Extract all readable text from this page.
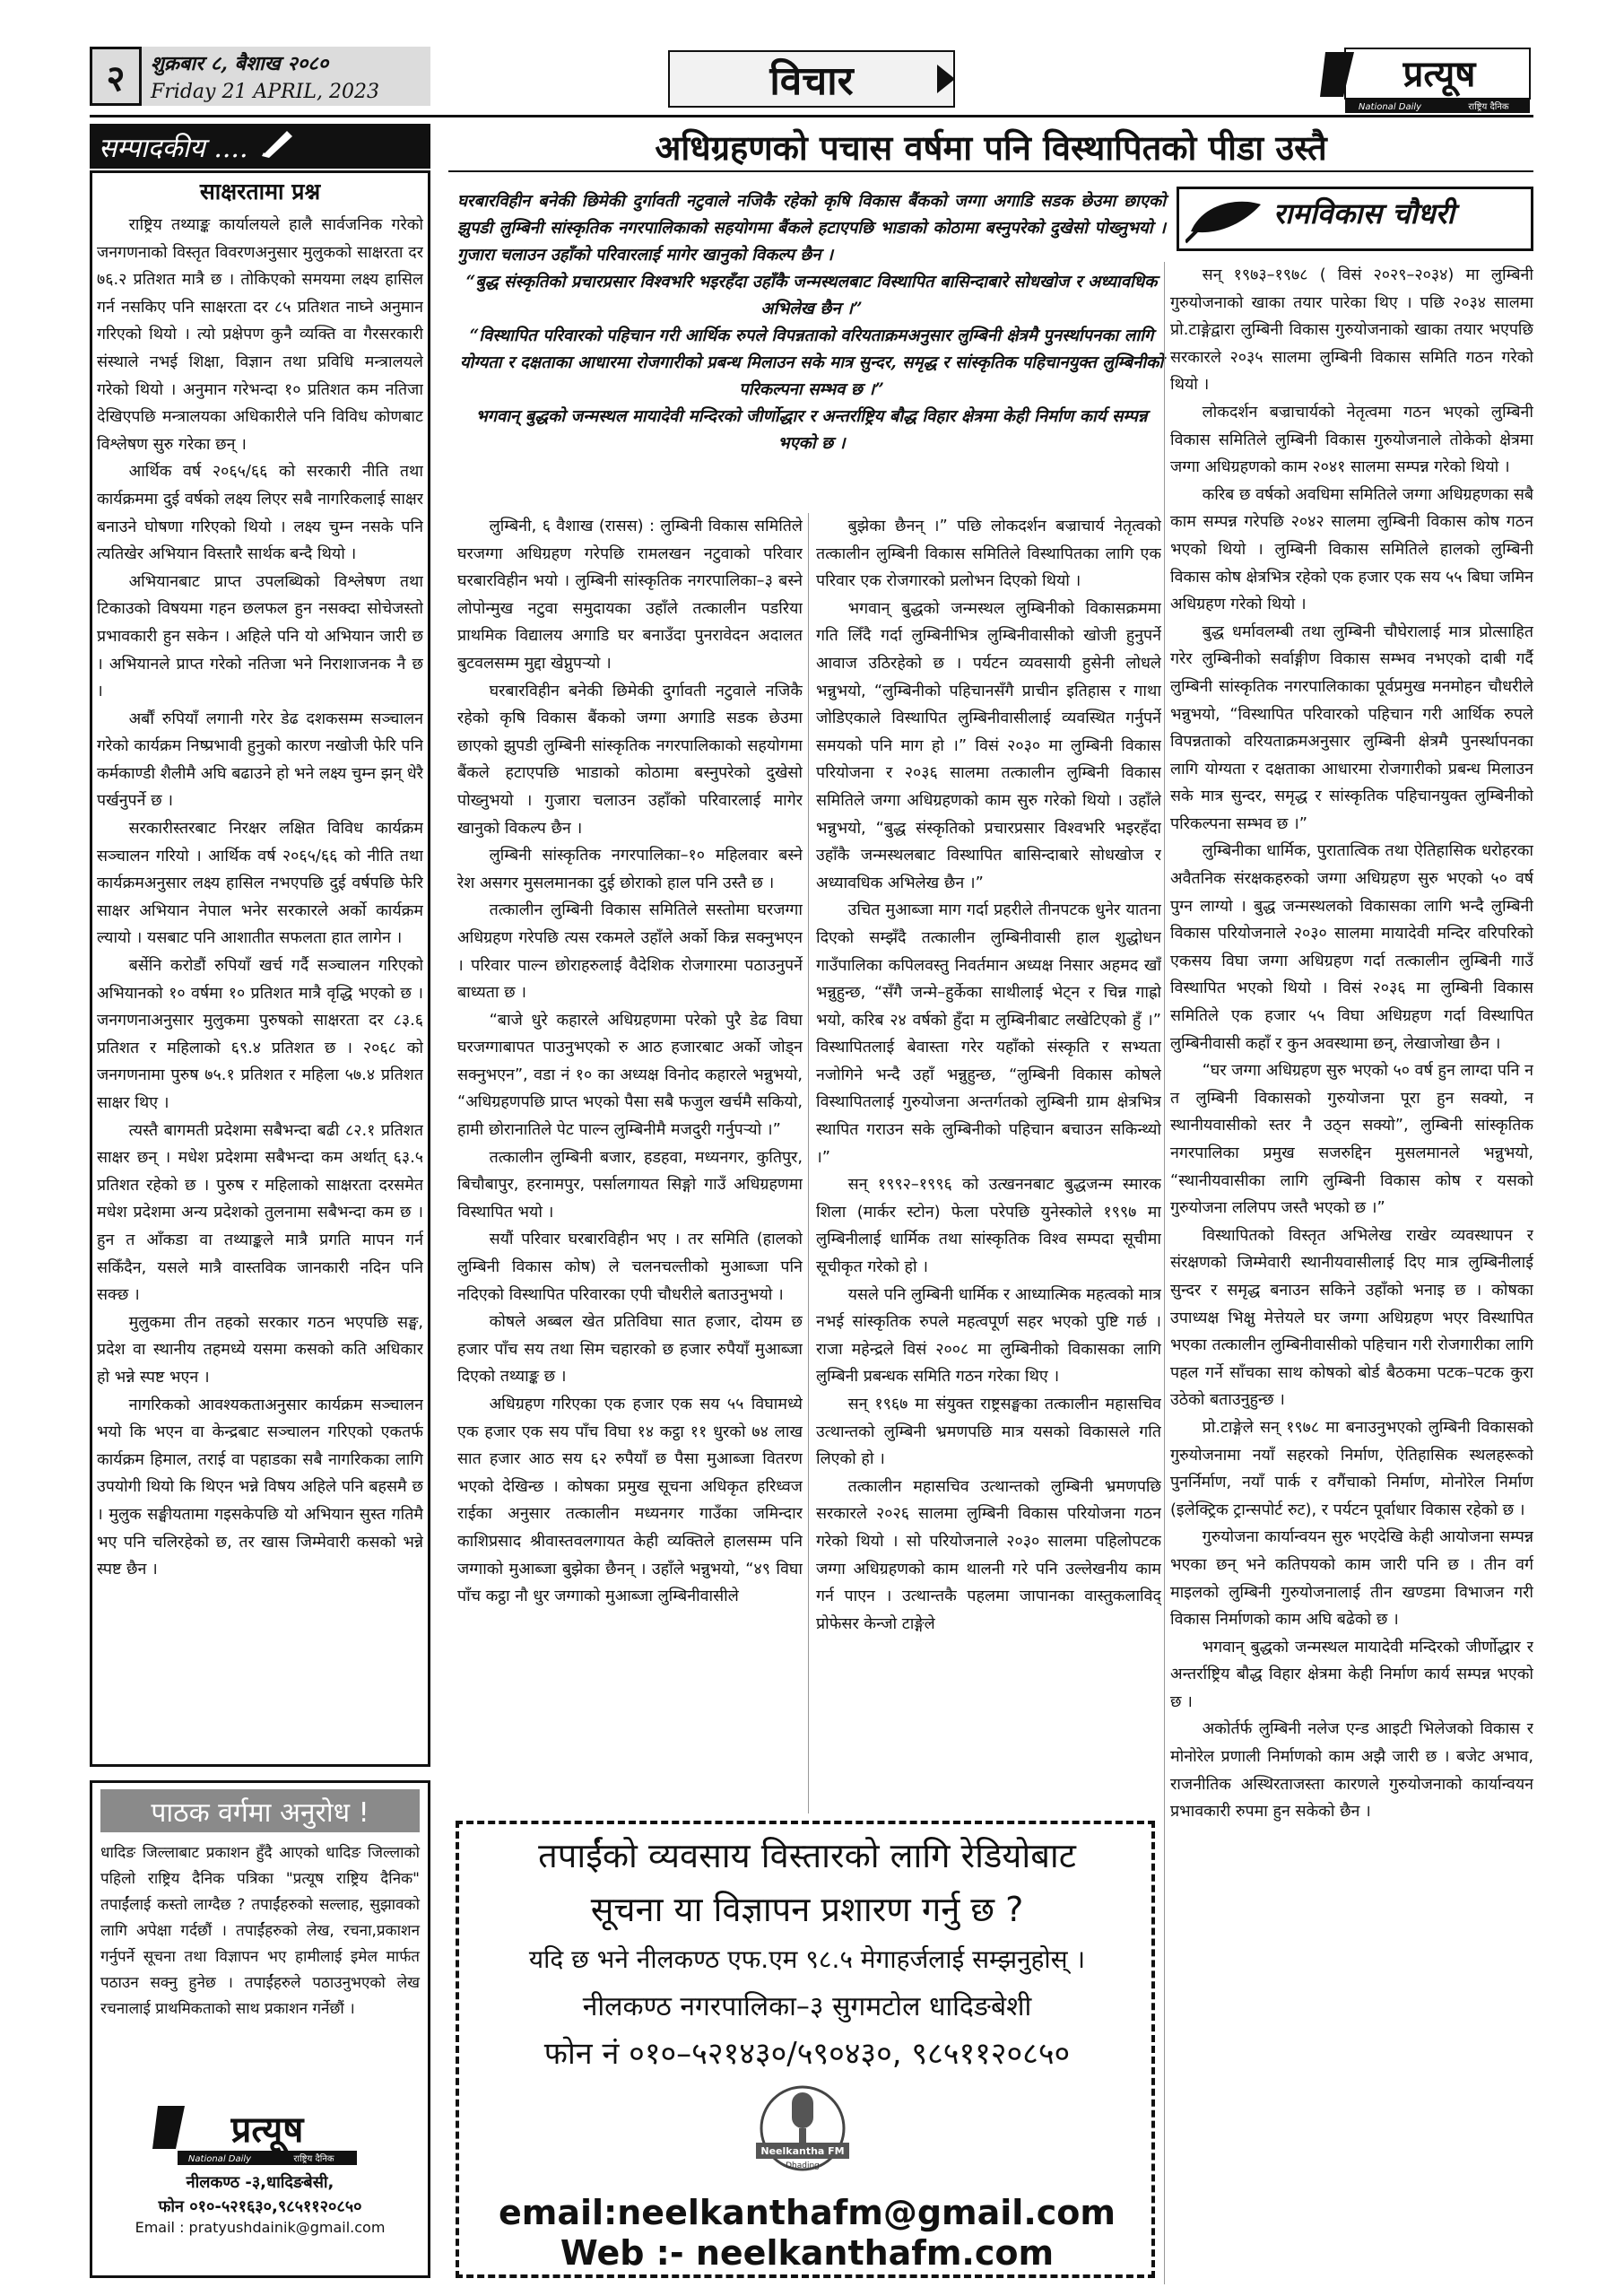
२	शुक्रबार ८, बैशाख २०८०
Friday 21 APRIL, 2023	विचार	प्रत्यूष
National Daily	राष्ट्रिय दैनिक
सम्पादकीय ....
साक्षरतामा प्रश्न

राष्ट्रिय तथ्याङ्क कार्यालयले हालै सार्वजनिक गरेको जनगणनाको विस्तृत विवरणअनुसार मुलुकको साक्षरता दर ७६.२ प्रतिशत मात्रै छ । तोकिएको समयमा लक्ष्य हासिल गर्न नसकिए पनि साक्षरता दर ८५ प्रतिशत नाघ्ने अनुमान गरिएको थियो । त्यो प्रक्षेपण कुनै व्यक्ति वा गैरसरकारी संस्थाले नभई शिक्षा, विज्ञान तथा प्रविधि मन्त्रालयले गरेको थियो । अनुमान गरेभन्दा १० प्रतिशत कम नतिजा देखिएपछि मन्त्रालयका अधिकारीले पनि विविध कोणबाट विश्लेषण सुरु गरेका छन् ।

आर्थिक वर्ष २०६५/६६ को सरकारी नीति तथा कार्यक्रममा दुई वर्षको लक्ष्य लिएर सबै नागरिकलाई साक्षर बनाउने घोषणा गरिएको थियो । लक्ष्य चुम्न नसके पनि त्यतिखेर अभियान विस्तारै सार्थक बन्दै थियो ।

अभियानबाट प्राप्त उपलब्धिको विश्लेषण तथा टिकाउको विषयमा गहन छलफल हुन नसक्दा सोचेजस्तो प्रभावकारी हुन सकेन । अहिले पनि यो अभियान जारी छ । अभियानले प्राप्त गरेको नतिजा भने निराशाजनक नै छ ।

अर्बौं रुपियाँ लगानी गरेर डेढ दशकसम्म सञ्चालन गरेको कार्यक्रम निष्प्रभावी हुनुको कारण नखोजी फेरि पनि कर्मकाण्डी शैलीमै अघि बढाउने हो भने लक्ष्य चुम्न झन् धेरै पर्खनुपर्ने छ ।

सरकारीस्तरबाट निरक्षर लक्षित विविध कार्यक्रम सञ्चालन गरियो । आर्थिक वर्ष २०६५/६६ को नीति तथा कार्यक्रमअनुसार लक्ष्य हासिल नभएपछि दुई वर्षपछि फेरि साक्षर अभियान नेपाल भनेर सरकारले अर्को कार्यक्रम ल्यायो । यसबाट पनि आशातीत सफलता हात लागेन ।

बर्सेनि करोडौं रुपियाँ खर्च गर्दै सञ्चालन गरिएको अभियानको १० वर्षमा १० प्रतिशत मात्रै वृद्धि भएको छ । जनगणनाअनुसार मुलुकमा पुरुषको साक्षरता दर ८३.६ प्रतिशत र महिलाको ६९.४ प्रतिशत छ । २०६८ को जनगणनामा पुरुष ७५.१ प्रतिशत र महिला ५७.४ प्रतिशत साक्षर थिए ।

त्यस्तै बागमती प्रदेशमा सबैभन्दा बढी ८२.१ प्रतिशत साक्षर छन् । मधेश प्रदेशमा सबैभन्दा कम अर्थात् ६३.५ प्रतिशत रहेको छ । पुरुष र महिलाको साक्षरता दरसमेत मधेश प्रदेशमा अन्य प्रदेशको तुलनामा सबैभन्दा कम छ । हुन त आँकडा वा तथ्याङ्कले मात्रै प्रगति मापन गर्न सकिँदैन, यसले मात्रै वास्तविक जानकारी नदिन पनि सक्छ ।

मुलुकमा तीन तहको सरकार गठन भएपछि सङ्घ, प्रदेश वा स्थानीय तहमध्ये यसमा कसको कति अधिकार हो भन्ने स्पष्ट भएन ।

नागरिकको आवश्यकताअनुसार कार्यक्रम सञ्चालन भयो कि भएन वा केन्द्रबाट सञ्चालन गरिएको एकतर्फ कार्यक्रम हिमाल, तराई वा पहाडका सबै नागरिकका लागि उपयोगी थियो कि थिएन भन्ने विषय अहिले पनि बहसमै छ । मुलुक सङ्घीयतामा गइसकेपछि यो अभियान सुस्त गतिमै भए पनि चलिरहेको छ, तर खास जिम्मेवारी कसको भन्ने स्पष्ट छैन ।

पाठक वर्गमा अनुरोध !
धादिङ जिल्लाबाट प्रकाशन हुँदै आएको धादिङ जिल्लाको पहिलो राष्ट्रिय दैनिक पत्रिका "प्रत्यूष राष्ट्रिय दैनिक" तपाईंलाई कस्तो लाग्दैछ ? तपाईंहरुको सल्लाह, सुझावको लागि अपेक्षा गर्दछौं । तपाईंहरुको लेख, रचना,प्रकाशन गर्नुपर्ने सूचना तथा विज्ञापन भए हामीलाई इमेल मार्फत पठाउन सक्नु हुनेछ । तपाईंहरुले पठाउनुभएको लेख रचनालाई प्राथमिकताको साथ प्रकाशन गर्नेछौं ।
प्रत्यूष
National Daily	राष्ट्रिय दैनिक
नीलकण्ठ -३,धादिङबेसी,
फोन ०१०-५२१६३०,९८५११२०८५०
Email : pratyushdainik@gmail.com
अधिग्रहणको पचास वर्षमा पनि विस्थापितको पीडा उस्तै

घरबारविहीन बनेकी छिमेकी दुर्गावती नटुवाले नजिकै रहेको कृषि विकास बैंकको जग्गा अगाडि सडक छेउमा छाएको झुपडी लुम्बिनी सांस्कृतिक नगरपालिकाको सहयोगमा बैंकले हटाएपछि भाडाको कोठामा बस्नुपरेको दुखेसो पोख्नुभयो । गुजारा चलाउन उहाँको परिवारलाई मागेर खानुको विकल्प छैन ।

“बुद्ध संस्कृतिको प्रचारप्रसार विश्वभरि भइरहँदा उहाँकै जन्मस्थलबाट विस्थापित बासिन्दाबारे सोधखोज र अध्यावधिक अभिलेख छैन ।”

“विस्थापित परिवारको पहिचान गरी आर्थिक रुपले विपन्नताको वरियताक्रमअनुसार लुम्बिनी क्षेत्रमै पुनर्स्थापनका लागि योग्यता र दक्षताका आधारमा रोजगारीको प्रबन्ध मिलाउन सके मात्र सुन्दर, समृद्ध र सांस्कृतिक पहिचानयुक्त लुम्बिनीको परिकल्पना सम्भव छ ।”

भगवान् बुद्धको जन्मस्थल मायादेवी मन्दिरको जीर्णोद्धार र अन्तर्राष्ट्रिय बौद्ध विहार क्षेत्रमा केही निर्माण कार्य सम्पन्न भएको छ ।

रामविकास चौधरी

लुम्बिनी, ६ वैशाख (रासस) : लुम्बिनी विकास समितिले घरजग्गा अधिग्रहण गरेपछि रामलखन नटुवाको परिवार घरबारविहीन भयो । लुम्बिनी सांस्कृतिक नगरपालिका–३ बस्ने लोपोन्मुख नटुवा समुदायका उहाँले तत्कालीन पडरिया प्राथमिक विद्यालय अगाडि घर बनाउँदा पुनरावेदन अदालत बुटवलसम्म मुद्दा खेप्नुपर्‍यो ।

घरबारविहीन बनेकी छिमेकी दुर्गावती नटुवाले नजिकै रहेको कृषि विकास बैंकको जग्गा अगाडि सडक छेउमा छाएको झुपडी लुम्बिनी सांस्कृतिक नगरपालिकाको सहयोगमा बैंकले हटाएपछि भाडाको कोठामा बस्नुपरेको दुखेसो पोख्नुभयो । गुजारा चलाउन उहाँको परिवारलाई मागेर खानुको विकल्प छैन ।

लुम्बिनी सांस्कृतिक नगरपालिका–१० महिलवार बस्ने रेश असगर मुसलमानका दुई छोराको हाल पनि उस्तै छ ।

तत्कालीन लुम्बिनी विकास समितिले सस्तोमा घरजग्गा अधिग्रहण गरेपछि त्यस रकमले उहाँले अर्को किन्न सक्नुभएन । परिवार पाल्न छोराहरुलाई वैदेशिक रोजगारमा पठाउनुपर्ने बाध्यता छ ।

“बाजे धुरे कहारले अधिग्रहणमा परेको पुरै डेढ विघा घरजग्गाबापत पाउनुभएको रु आठ हजारबाट अर्को जोड्न सक्नुभएन”, वडा नं १० का अध्यक्ष विनोद कहारले भन्नुभयो, “अधिग्रहणपछि प्राप्त भएको पैसा सबै फजुल खर्चमै सकियो, हामी छोरानातिले पेट पाल्न लुम्बिनीमै मजदुरी गर्नुपर्‍यो ।”

तत्कालीन लुम्बिनी बजार, हडहवा, मध्यनगर, कुतिपुर, बिचौबापुर, हरनामपुर, पर्सालगायत सिङ्गो गाउँ अधिग्रहणमा विस्थापित भयो ।

सयौं परिवार घरबारविहीन भए । तर समिति (हालको लुम्बिनी विकास कोष) ले चलनचल्तीको मुआब्जा पनि नदिएको विस्थापित परिवारका एपी चौधरीले बताउनुभयो ।

कोषले अब्बल खेत प्रतिविघा सात हजार, दोयम छ हजार पाँच सय तथा सिम चहारको छ हजार रुपैयाँ मुआब्जा दिएको तथ्याङ्क छ ।

अधिग्रहण गरिएका एक हजार एक सय ५५ विघामध्ये एक हजार एक सय पाँच विघा १४ कट्ठा ११ धुरको ७४ लाख सात हजार आठ सय ६२ रुपैयाँ छ पैसा मुआब्जा वितरण भएको देखिन्छ । कोषका प्रमुख सूचना अधिकृत हरिध्वज राईका अनुसार तत्कालीन मध्यनगर गाउँका जमिन्दार काशिप्रसाद श्रीवास्तवलगायत केही व्यक्तिले हालसम्म पनि जग्गाको मुआब्जा बुझेका छैनन् । उहाँले भन्नुभयो, “४९ विघा पाँच कट्ठा नौ धुर जग्गाको मुआब्जा लुम्बिनीवासीले

बुझेका छैनन् ।” पछि लोकदर्शन बज्राचार्य नेतृत्वको तत्कालीन लुम्बिनी विकास समितिले विस्थापितका लागि एक परिवार एक रोजगारको प्रलोभन दिएको थियो ।

भगवान् बुद्धको जन्मस्थल लुम्बिनीको विकासक्रममा गति लिँदै गर्दा लुम्बिनीभित्र लुम्बिनीवासीको खोजी हुनुपर्ने आवाज उठिरहेको छ । पर्यटन व्यवसायी हुसेनी लोधले भन्नुभयो, “लुम्बिनीको पहिचानसँगै प्राचीन इतिहास र गाथा जोडिएकाले विस्थापित लुम्बिनीवासीलाई व्यवस्थित गर्नुपर्ने समयको पनि माग हो ।” विसं २०३० मा लुम्बिनी विकास परियोजना र २०३६ सालमा तत्कालीन लुम्बिनी विकास समितिले जग्गा अधिग्रहणको काम सुरु गरेको थियो । उहाँले भन्नुभयो, “बुद्ध संस्कृतिको प्रचारप्रसार विश्वभरि भइरहँदा उहाँकै जन्मस्थलबाट विस्थापित बासिन्दाबारे सोधखोज र अध्यावधिक अभिलेख छैन ।”

उचित मुआब्जा माग गर्दा प्रहरीले तीनपटक धुनेर यातना दिएको सम्झँदै तत्कालीन लुम्बिनीवासी हाल शुद्धोधन गाउँपालिका कपिलवस्तु निवर्तमान अध्यक्ष निसार अहमद खाँ भन्नुहुन्छ, “सँगै जन्मे–हुर्केका साथीलाई भेट्न र चिन्न गाह्रो भयो, करिब २४ वर्षको हुँदा म लुम्बिनीबाट लखेटिएको हुँ ।” विस्थापितलाई बेवास्ता गरेर यहाँको संस्कृति र सभ्यता नजोगिने भन्दै उहाँ भन्नुहुन्छ, “लुम्बिनी विकास कोषले विस्थापितलाई गुरुयोजना अन्तर्गतको लुम्बिनी ग्राम क्षेत्रभित्र स्थापित गराउन सके लुम्बिनीको पहिचान बचाउन सकिन्थ्यो ।”

सन् १९९२–१९९६ को उत्खननबाट बुद्धजन्म स्मारक शिला (मार्कर स्टोन) फेला परेपछि युनेस्कोले १९९७ मा लुम्बिनीलाई धार्मिक तथा सांस्कृतिक विश्व सम्पदा सूचीमा सूचीकृत गरेको हो ।

यसले पनि लुम्बिनी धार्मिक र आध्यात्मिक महत्वको मात्र नभई सांस्कृतिक रुपले महत्वपूर्ण सहर भएको पुष्टि गर्छ । राजा महेन्द्रले विसं २००८ मा लुम्बिनीको विकासका लागि लुम्बिनी प्रबन्धक समिति गठन गरेका थिए ।

सन् १९६७ मा संयुक्त राष्ट्रसङ्घका तत्कालीन महासचिव उत्थान्तको लुम्बिनी भ्रमणपछि मात्र यसको विकासले गति लिएको हो ।

तत्कालीन महासचिव उत्थान्तको लुम्बिनी भ्रमणपछि सरकारले २०२६ सालमा लुम्बिनी विकास परियोजना गठन गरेको थियो । सो परियोजनाले २०३० सालमा पहिलोपटक जग्गा अधिग्रहणको काम थालनी गरे पनि उल्लेखनीय काम गर्न पाएन । उत्थान्तकै पहलमा जापानका वास्तुकलाविद् प्रोफेसर केन्जो टाङ्गेले

सन् १९७३–१९७८ ( विसं २०२९–२०३४) मा लुम्बिनी गुरुयोजनाको खाका तयार पारेका थिए । पछि २०३४ सालमा प्रो.टाङ्गेद्वारा लुम्बिनी विकास गुरुयोजनाको खाका तयार भएपछि सरकारले २०३५ सालमा लुम्बिनी विकास समिति गठन गरेको थियो ।

लोकदर्शन बज्राचार्यको नेतृत्वमा गठन भएको लुम्बिनी विकास समितिले लुम्बिनी विकास गुरुयोजनाले तोकेको क्षेत्रमा जग्गा अधिग्रहणको काम २०४१ सालमा सम्पन्न गरेको थियो ।

करिब छ वर्षको अवधिमा समितिले जग्गा अधिग्रहणका सबै काम सम्पन्न गरेपछि २०४२ सालमा लुम्बिनी विकास कोष गठन भएको थियो । लुम्बिनी विकास समितिले हालको लुम्बिनी विकास कोष क्षेत्रभित्र रहेको एक हजार एक सय ५५ बिघा जमिन अधिग्रहण गरेको थियो ।

बुद्ध धर्मावलम्बी तथा लुम्बिनी चौघेरालाई मात्र प्रोत्साहित गरेर लुम्बिनीको सर्वाङ्गीण विकास सम्भव नभएको दाबी गर्दै लुम्बिनी सांस्कृतिक नगरपालिकाका पूर्वप्रमुख मनमोहन चौधरीले भन्नुभयो, “विस्थापित परिवारको पहिचान गरी आर्थिक रुपले विपन्नताको वरियताक्रमअनुसार लुम्बिनी क्षेत्रमै पुनर्स्थापनका लागि योग्यता र दक्षताका आधारमा रोजगारीको प्रबन्ध मिलाउन सके मात्र सुन्दर, समृद्ध र सांस्कृतिक पहिचानयुक्त लुम्बिनीको परिकल्पना सम्भव छ ।”

लुम्बिनीका धार्मिक, पुरातात्विक तथा ऐतिहासिक धरोहरका अवैतनिक संरक्षकहरुको जग्गा अधिग्रहण सुरु भएको ५० वर्ष पुग्न लाग्यो । बुद्ध जन्मस्थलको विकासका लागि भन्दै लुम्बिनी विकास परियोजनाले २०३० सालमा मायादेवी मन्दिर वरिपरिको एकसय विघा जग्गा अधिग्रहण गर्दा तत्कालीन लुम्बिनी गाउँ विस्थापित भएको थियो । विसं २०३६ मा लुम्बिनी विकास समितिले एक हजार ५५ विघा अधिग्रहण गर्दा विस्थापित लुम्बिनीवासी कहाँ र कुन अवस्थामा छन्, लेखाजोखा छैन ।

“घर जग्गा अधिग्रहण सुरु भएको ५० वर्ष हुन लाग्दा पनि न त लुम्बिनी विकासको गुरुयोजना पूरा हुन सक्यो, न स्थानीयवासीको स्तर नै उठ्न सक्यो”, लुम्बिनी सांस्कृतिक नगरपालिका प्रमुख सजरुद्दिन मुसलमानले भन्नुभयो, “स्थानीयवासीका लागि लुम्बिनी विकास कोष र यसको गुरुयोजना ललिपप जस्तै भएको छ ।”

विस्थापितको विस्तृत अभिलेख राखेर व्यवस्थापन र संरक्षणको जिम्मेवारी स्थानीयवासीलाई दिए मात्र लुम्बिनीलाई सुन्दर र समृद्ध बनाउन सकिने उहाँको भनाइ छ । कोषका उपाध्यक्ष भिक्षु मेत्तेयले घर जग्गा अधिग्रहण भएर विस्थापित भएका तत्कालीन लुम्बिनीवासीको पहिचान गरी रोजगारीका लागि पहल गर्ने साँचका साथ कोषको बोर्ड बैठकमा पटक–पटक कुरा उठेको बताउनुहुन्छ ।

प्रो.टाङ्गेले सन् १९७८ मा बनाउनुभएको लुम्बिनी विकासको गुरुयोजनामा नयाँ सहरको निर्माण, ऐतिहासिक स्थलहरूको पुनर्निर्माण, नयाँ पार्क र वगैंचाको निर्माण, मोनोरेल निर्माण (इलेक्ट्रिक ट्रान्सपोर्ट रुट), र पर्यटन पूर्वाधार विकास रहेको छ ।

गुरुयोजना कार्यान्वयन सुरु भएदेखि केही आयोजना सम्पन्न भएका छन् भने कतिपयको काम जारी पनि छ । तीन वर्ग माइलको लुम्बिनी गुरुयोजनालाई तीन खण्डमा विभाजन गरी विकास निर्माणको काम अघि बढेको छ ।

भगवान् बुद्धको जन्मस्थल मायादेवी मन्दिरको जीर्णोद्धार र अन्तर्राष्ट्रिय बौद्ध विहार क्षेत्रमा केही निर्माण कार्य सम्पन्न भएको छ ।

अकोर्तर्फ लुम्बिनी नलेज एन्ड आइटी भिलेजको विकास र मोनोरेल प्रणाली निर्माणको काम अझै जारी छ । बजेट अभाव, राजनीतिक अस्थिरताजस्ता कारणले गुरुयोजनाको कार्यान्वयन प्रभावकारी रुपमा हुन सकेको छैन ।

तपाईंको व्यवसाय विस्तारको लागि रेडियोबाट
सूचना या विज्ञापन प्रशारण गर्नु छ ?
यदि छ भने नीलकण्ठ एफ.एम ९८.५ मेगाहर्जलाई सम्झनुहोस् ।
नीलकण्ठ नगरपालिका–३ सुगमटोल धादिङबेशी
फोन नं ०१०–५२१४३०/५९०४३०, ९८५११२०८५०
Neelkantha FM
Dhading
email:neelkanthafm@gmail.com
Web :- neelkanthafm.com
